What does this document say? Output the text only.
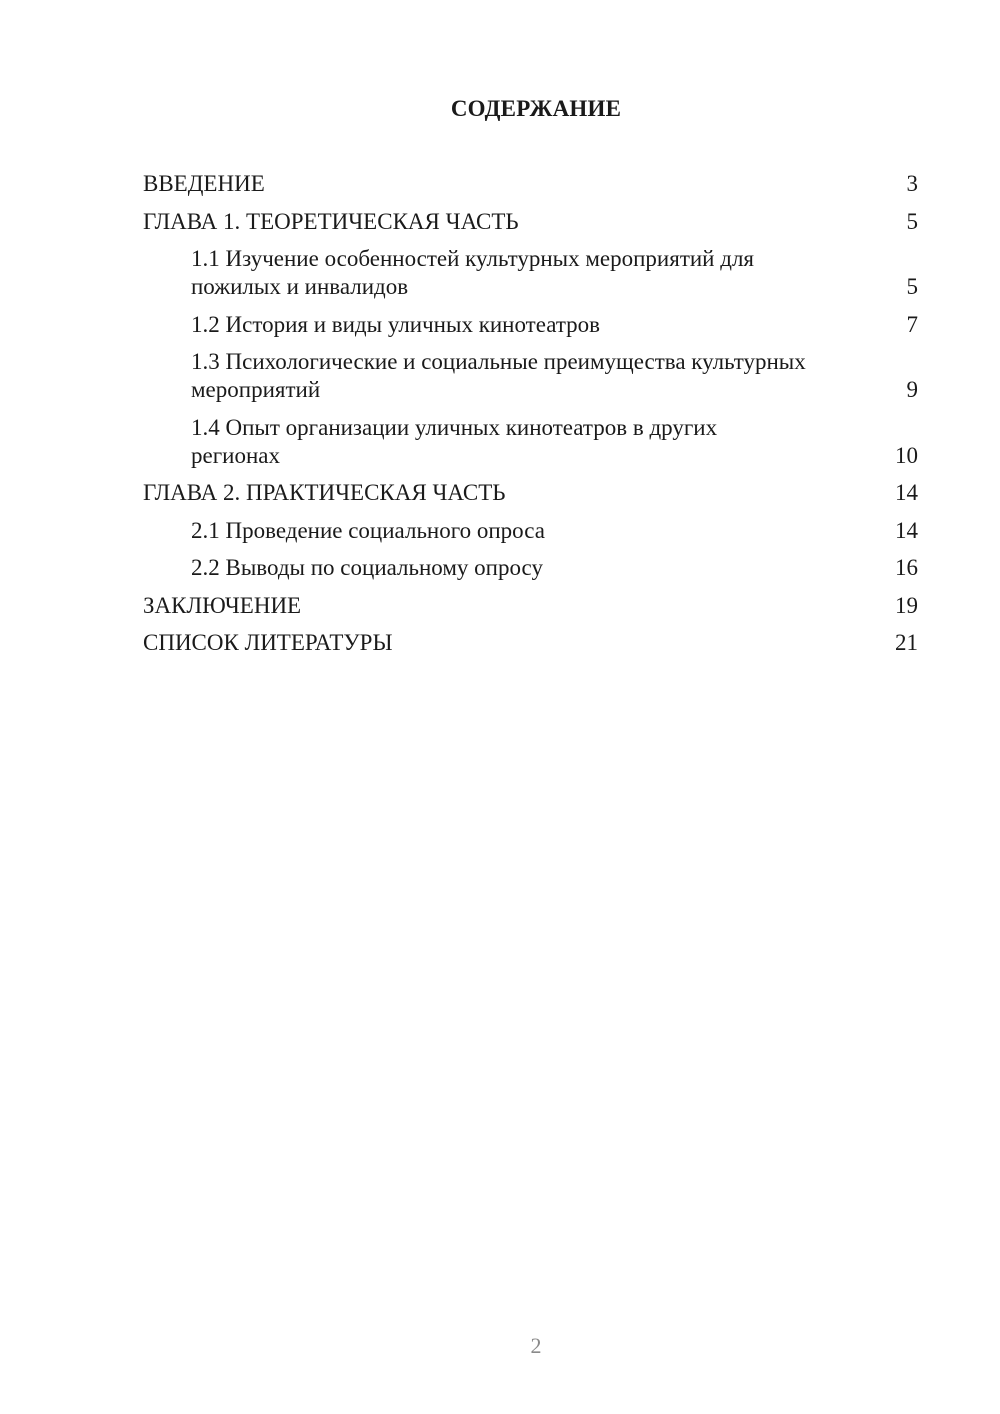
СОДЕРЖАНИЕ
ВВЕДЕНИЕ	3
ГЛАВА 1. ТЕОРЕТИЧЕСКАЯ ЧАСТЬ	5
1.1 Изучение особенностей культурных мероприятий для пожилых и инвалидов	5
1.2 История и виды уличных кинотеатров	7
1.3 Психологические и социальные преимущества культурных мероприятий	9
1.4 Опыт организации уличных кинотеатров в других регионах	10
ГЛАВА 2. ПРАКТИЧЕСКАЯ ЧАСТЬ	14
2.1 Проведение социального опроса	14
2.2 Выводы по социальному опросу	16
ЗАКЛЮЧЕНИЕ	19
СПИСОК ЛИТЕРАТУРЫ	21
2
